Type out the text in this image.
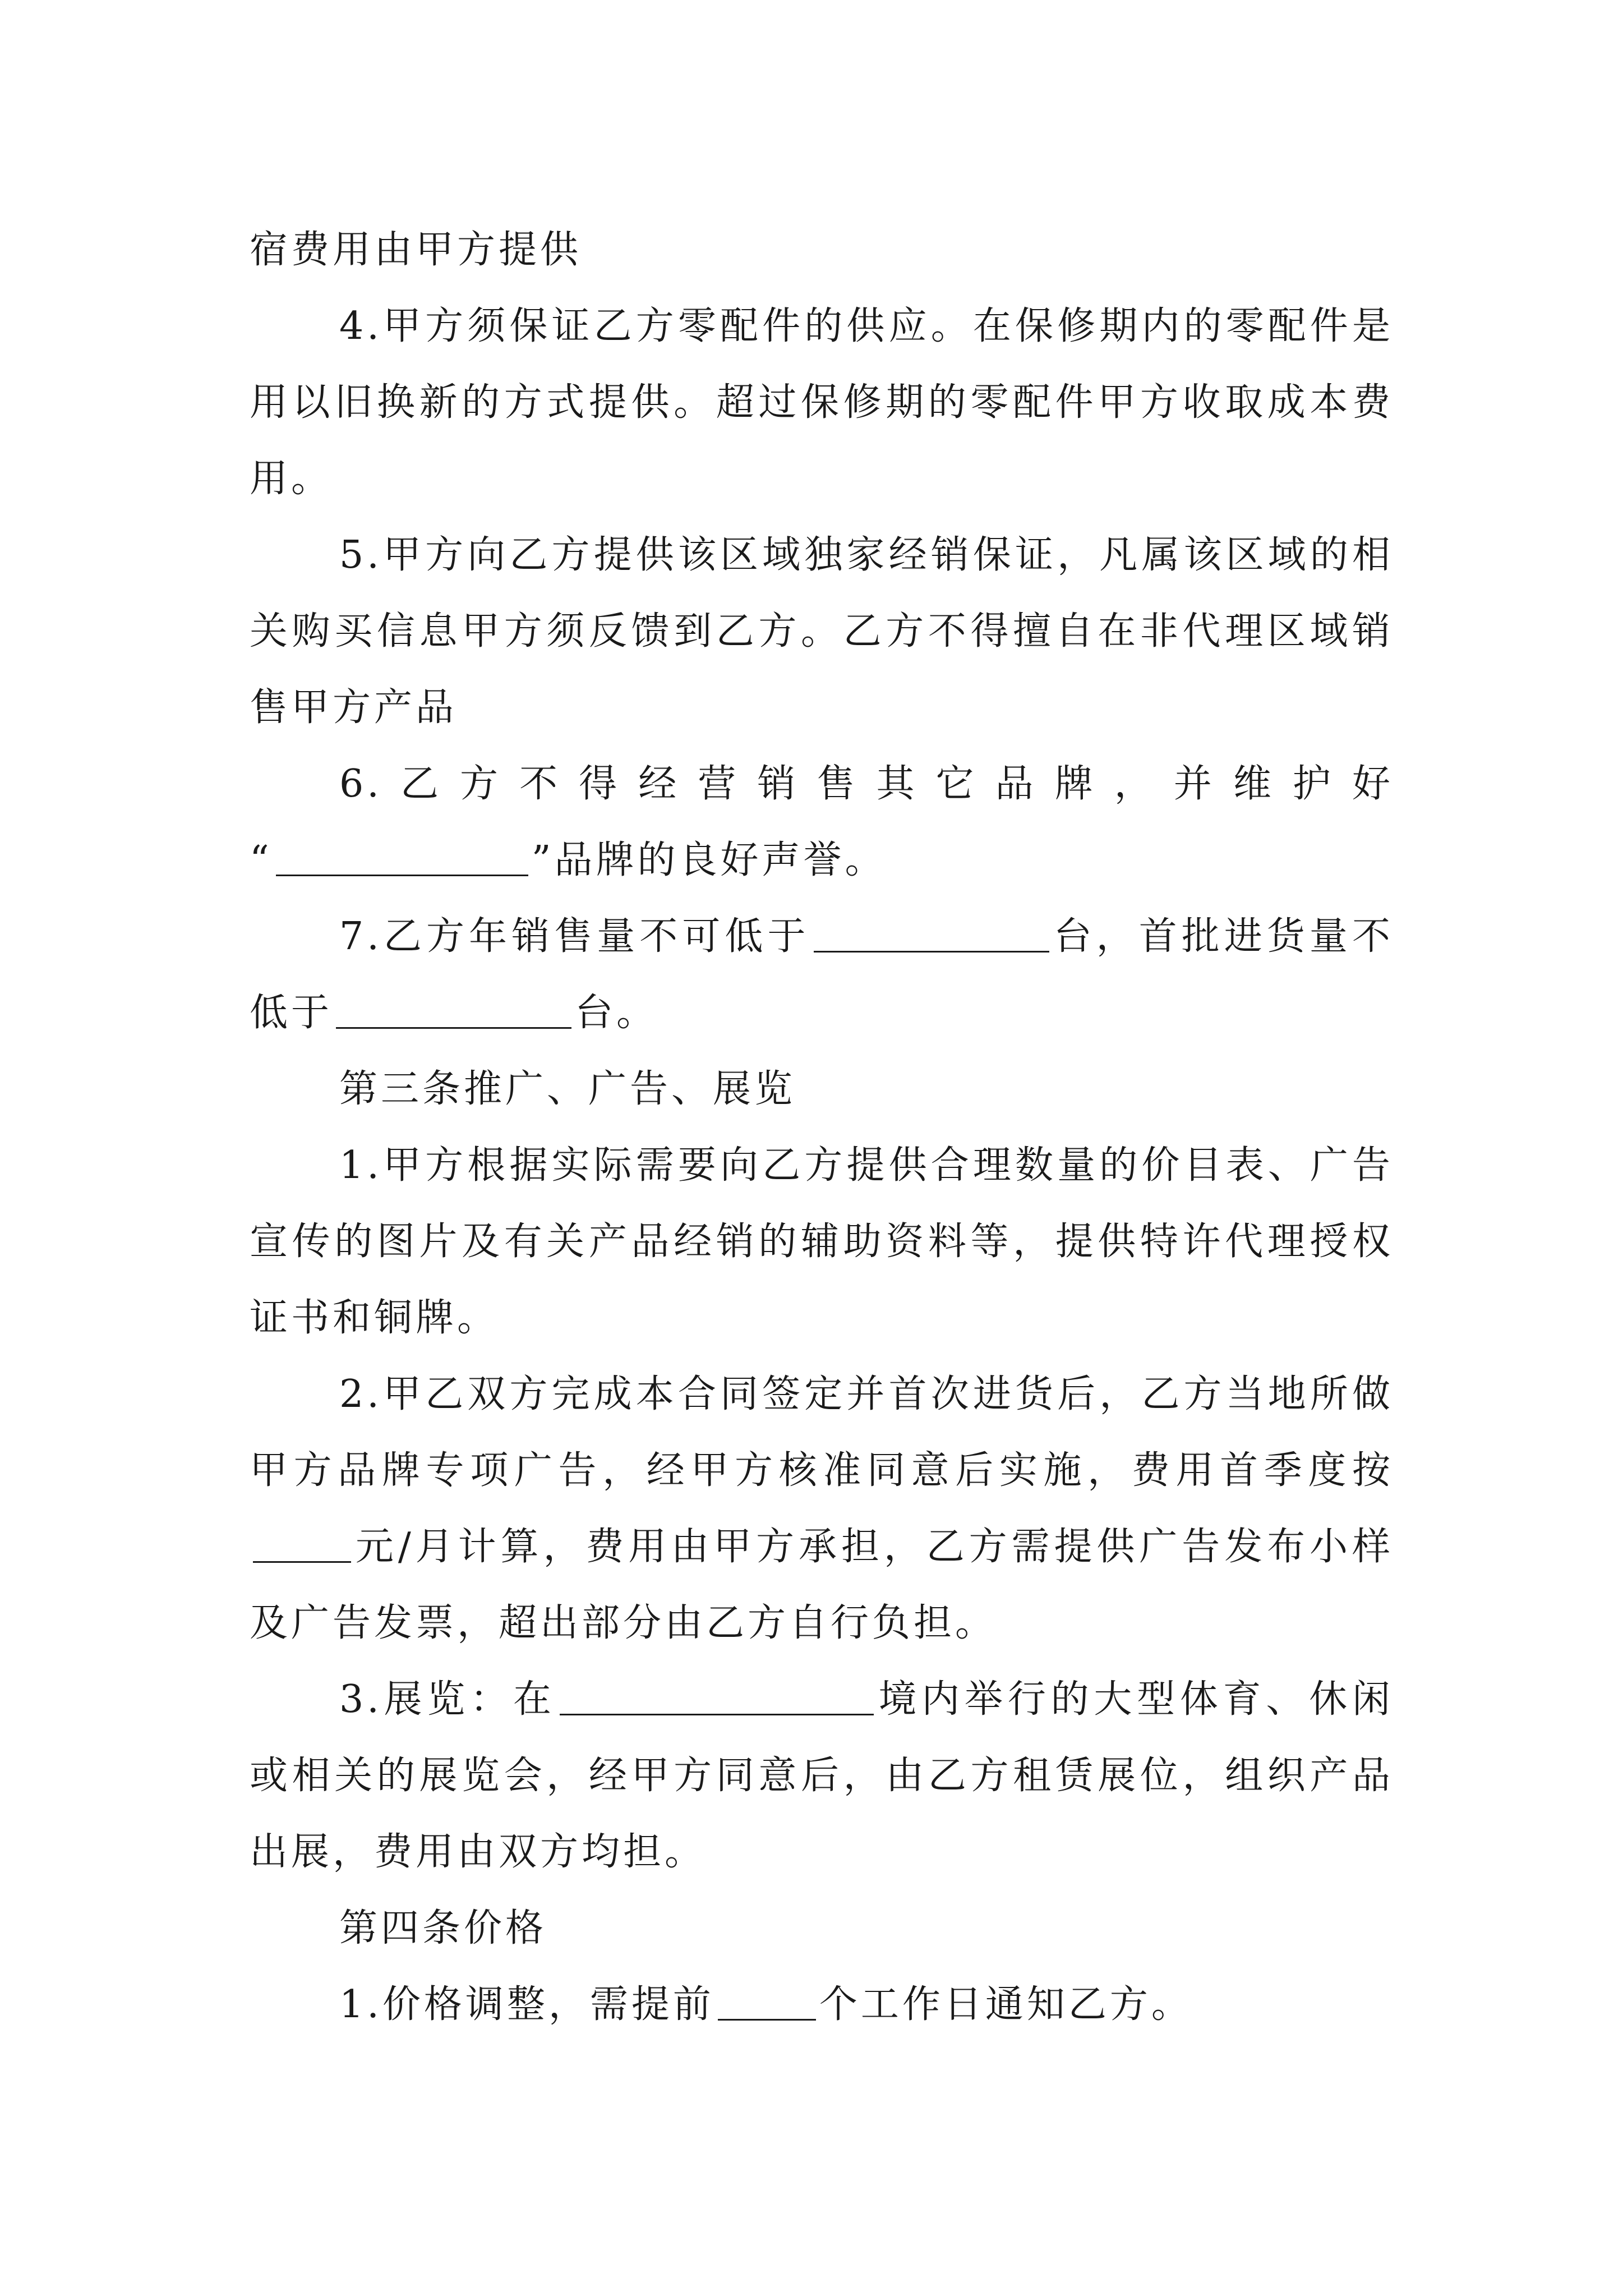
宿费用由甲方提供

4.甲方须保证乙方零配件的供应。在保修期内的零配件是用以旧换新的方式提供。超过保修期的零配件甲方收取成本费用。

5.甲方向乙方提供该区域独家经销保证，凡属该区域的相关购买信息甲方须反馈到乙方。乙方不得擅自在非代理区域销售甲方产品

6.乙方不得经营销售其它品牌，并维护好

“	”品牌的良好声誉。

7.乙方年销售量不可低于	台，首批进货量不低于	台。

第三条推广、广告、展览

1.甲方根据实际需要向乙方提供合理数量的价目表、广告宣传的图片及有关产品经销的辅助资料等，提供特许代理授权证书和铜牌。

2.甲乙双方完成本合同签定并首次进货后，乙方当地所做甲方品牌专项广告，经甲方核准同意后实施，费用首季度按元/月计算，费用由甲方承担，乙方需提供广告发布小样及广告发票，超出部分由乙方自行负担。

3.展览：在	境内举行的大型体育、休闲或相关的展览会，经甲方同意后，由乙方租赁展位，组织产品出展，费用由双方均担。

第四条价格

1.价格调整，需提前	个工作日通知乙方。
